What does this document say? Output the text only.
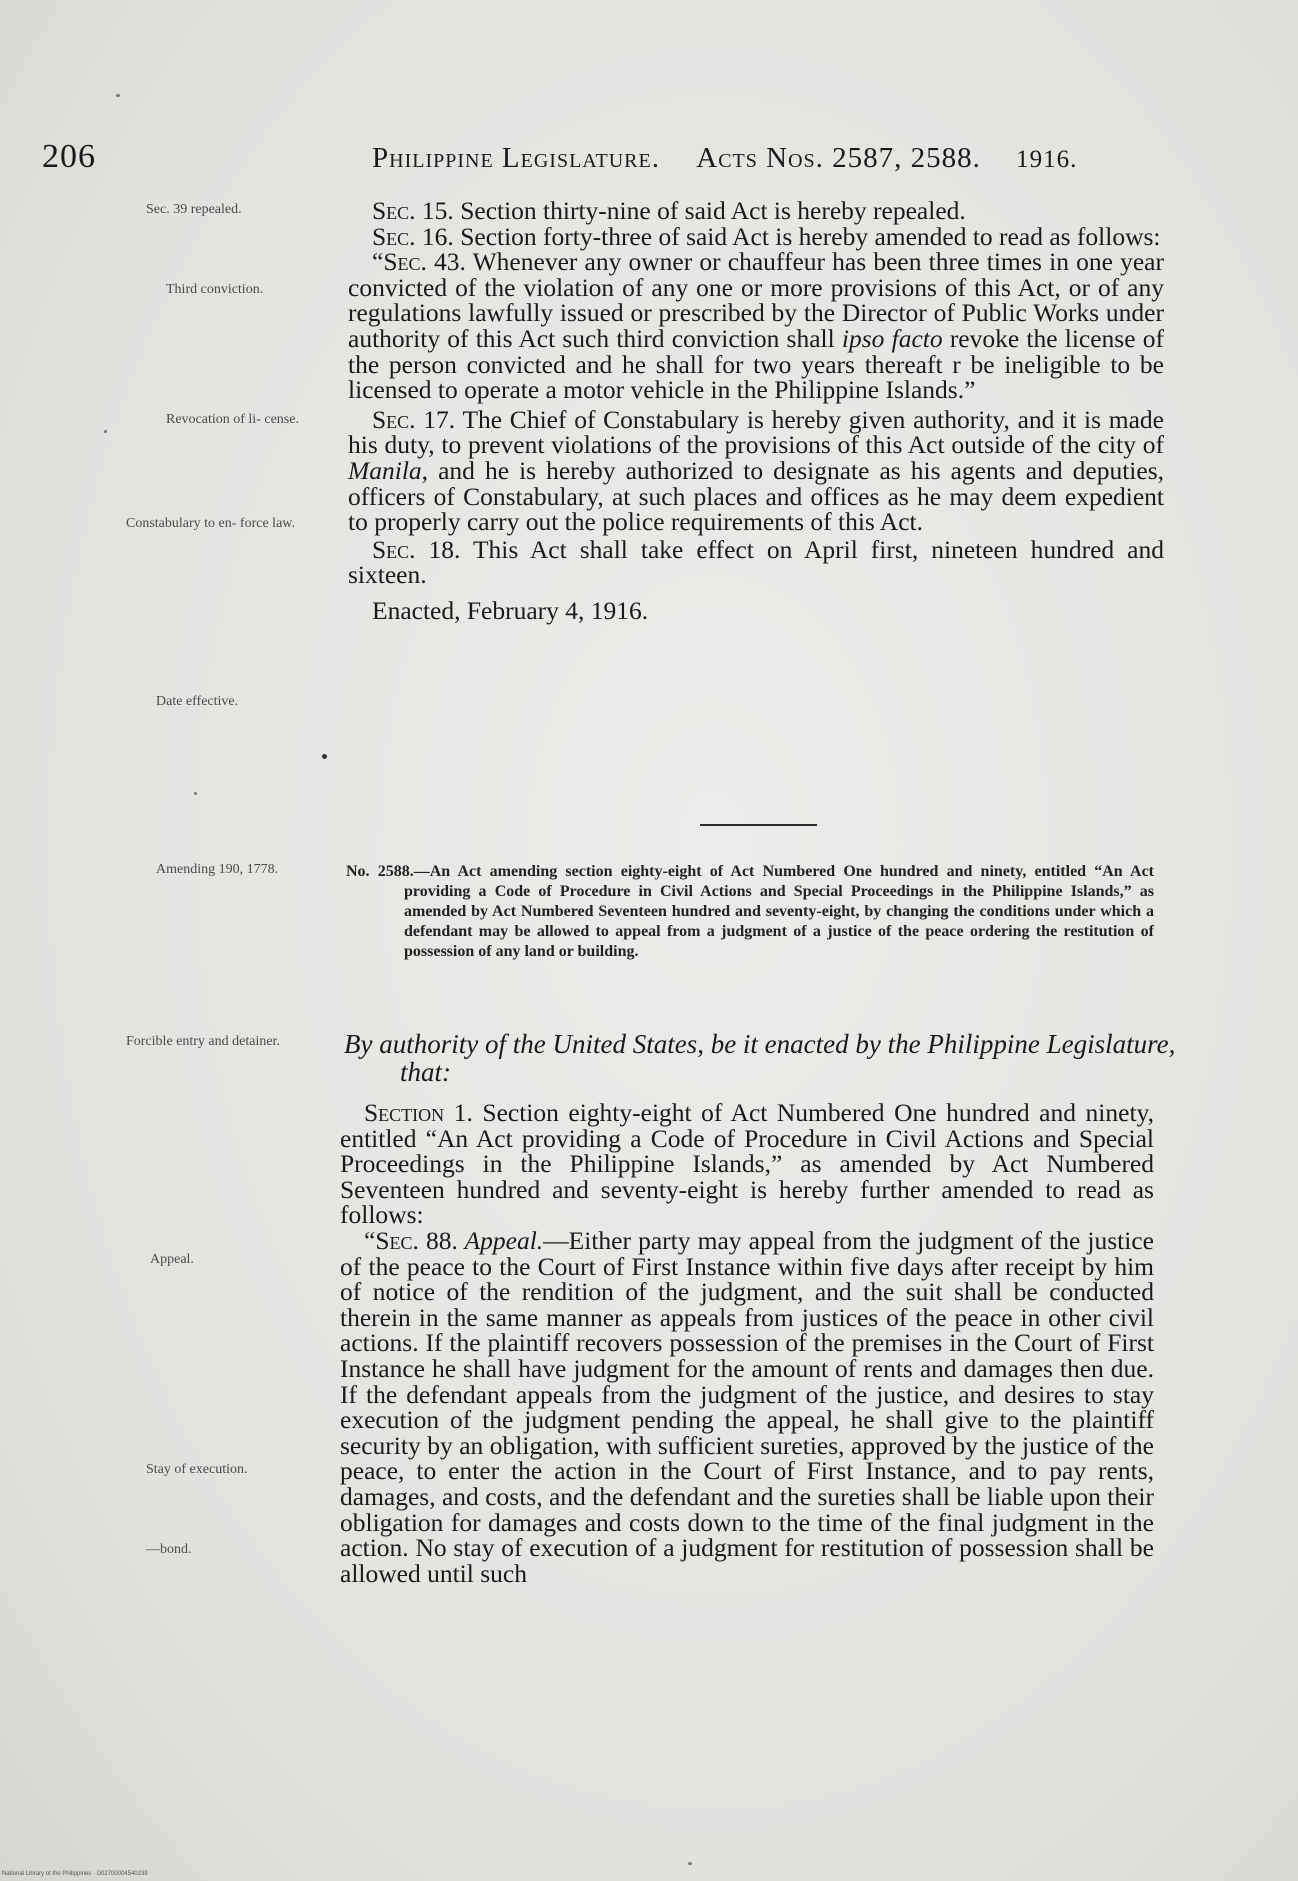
206	Philippine Legislature. Acts Nos. 2587, 2588. 1916.
Sec. 39 repealed.
Third conviction.
Revocation of li- cense.
Constabulary to en- force law.
Date effective.
Amending 190, 1778.
Forcible entry and detainer.
Appeal.
Stay of execution.
—bond.

Sec. 15. Section thirty-nine of said Act is hereby repealed.

Sec. 16. Section forty-three of said Act is hereby amended to read as follows:

“Sec. 43. Whenever any owner or chauffeur has been three times in one year convicted of the violation of any one or more provisions of this Act, or of any regulations lawfully issued or prescribed by the Director of Public Works under authority of this Act such third conviction shall ipso facto revoke the license of the person convicted and he shall for two years thereaft r be ineligible to be licensed to operate a motor vehicle in the Philippine Islands.”

Sec. 17. The Chief of Constabulary is hereby given authority, and it is made his duty, to prevent violations of the provisions of this Act outside of the city of Manila, and he is hereby authorized to designate as his agents and deputies, officers of Constabulary, at such places and offices as he may deem expedient to properly carry out the police requirements of this Act.

Sec. 18. This Act shall take effect on April first, nineteen hundred and sixteen.

Enacted, February 4, 1916.

No. 2588.—An Act amending section eighty-eight of Act Numbered One hundred and ninety, entitled “An Act providing a Code of Procedure in Civil Actions and Special Proceedings in the Philippine Islands,” as amended by Act Numbered Seventeen hundred and seventy-eight, by changing the conditions under which a defendant may be allowed to appeal from a judgment of a justice of the peace ordering the restitution of possession of any land or building.

By authority of the United States, be it enacted by the Philippine Legislature, that:

Section 1. Section eighty-eight of Act Numbered One hundred and ninety, entitled “An Act providing a Code of Procedure in Civil Actions and Special Proceedings in the Philippine Islands,” as amended by Act Numbered Seventeen hundred and seventy-eight is hereby further amended to read as follows:

“Sec. 88. Appeal.—Either party may appeal from the judgment of the justice of the peace to the Court of First Instance within five days after receipt by him of notice of the rendition of the judgment, and the suit shall be conducted therein in the same manner as appeals from justices of the peace in other civil actions. If the plaintiff recovers possession of the premises in the Court of First Instance he shall have judgment for the amount of rents and damages then due. If the defendant appeals from the judgment of the justice, and desires to stay execution of the judgment pending the appeal, he shall give to the plaintiff security by an obligation, with sufficient sureties, approved by the justice of the peace, to enter the action in the Court of First Instance, and to pay rents, damages, and costs, and the defendant and the sureties shall be liable upon their obligation for damages and costs down to the time of the final judgment in the action. No stay of execution of a judgment for restitution of possession shall be allowed until such

National Library of the Philippines · D02700004540239
